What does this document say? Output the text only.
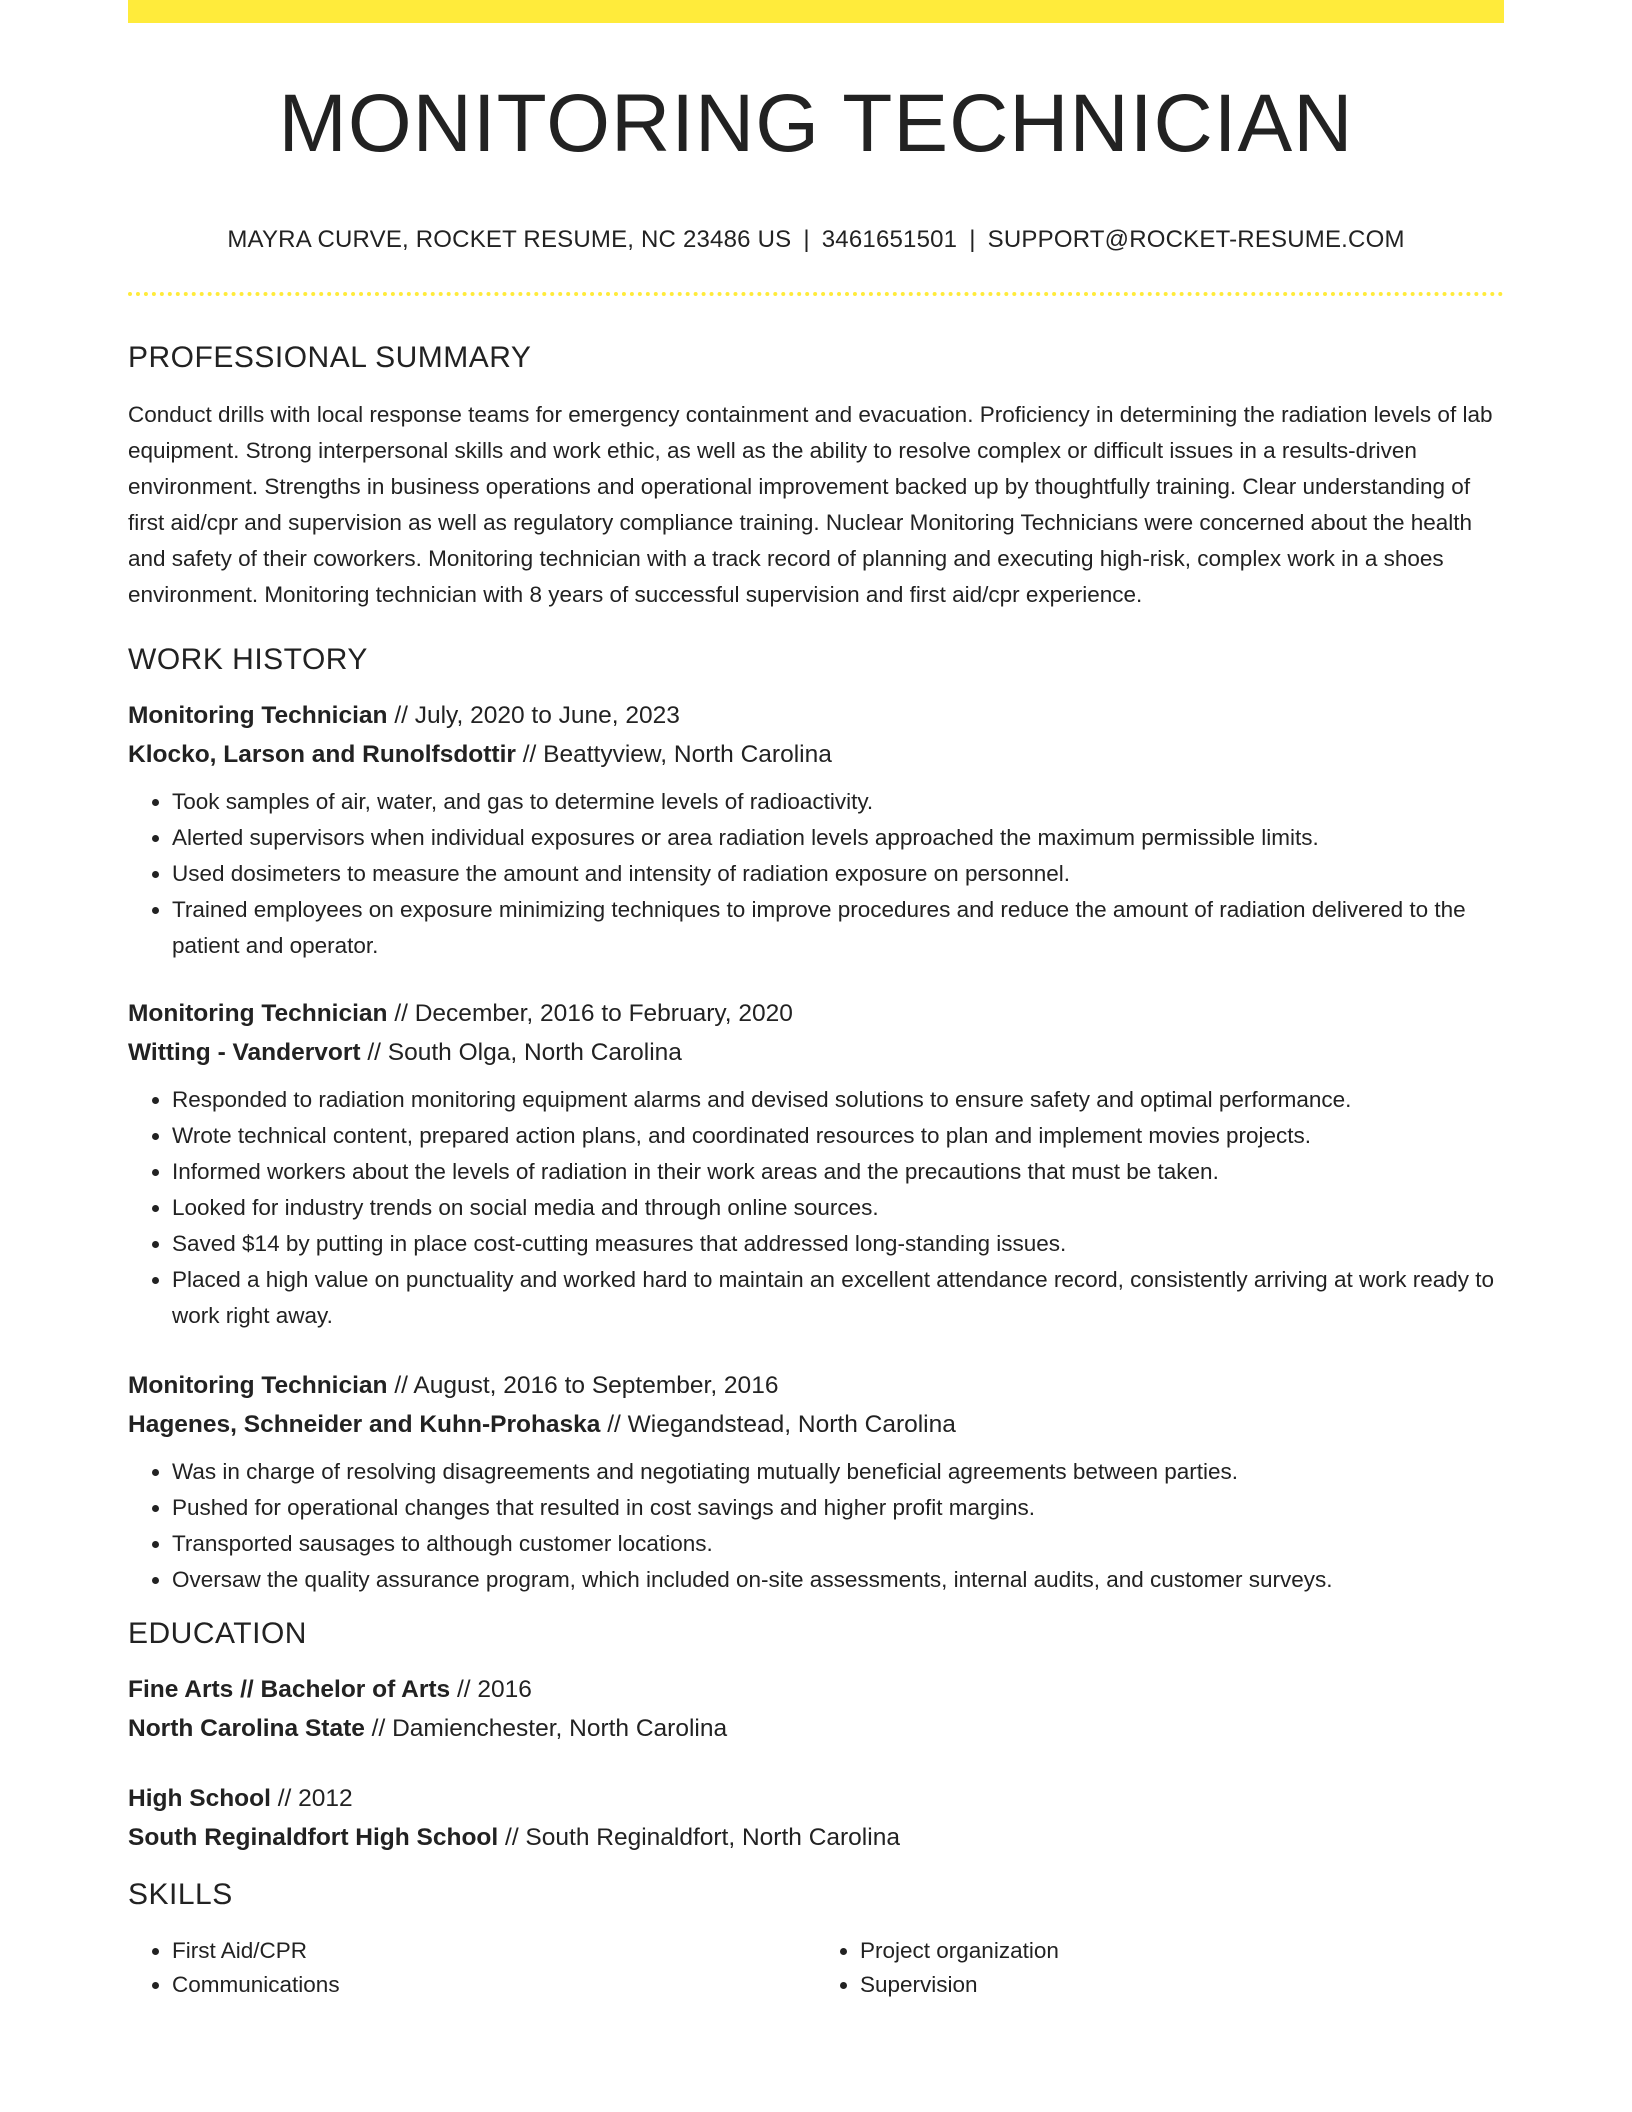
MONITORING TECHNICIAN
MAYRA CURVE, ROCKET RESUME, NC 23486 US | 3461651501 | SUPPORT@ROCKET-RESUME.COM
PROFESSIONAL SUMMARY

Conduct drills with local response teams for emergency containment and evacuation. Proficiency in determining the radiation levels of lab equipment. Strong interpersonal skills and work ethic, as well as the ability to resolve complex or difficult issues in a results-driven environment. Strengths in business operations and operational improvement backed up by thoughtfully training. Clear understanding of first aid/cpr and supervision as well as regulatory compliance training. Nuclear Monitoring Technicians were concerned about the health and safety of their coworkers. Monitoring technician with a track record of planning and executing high-risk, complex work in a shoes environment. Monitoring technician with 8 years of successful supervision and first aid/cpr experience.

WORK HISTORY
Monitoring Technician // July, 2020 to June, 2023
Klocko, Larson and Runolfsdottir // Beattyview, North Carolina
• Took samples of air, water, and gas to determine levels of radioactivity.
• Alerted supervisors when individual exposures or area radiation levels approached the maximum permissible limits.
• Used dosimeters to measure the amount and intensity of radiation exposure on personnel.
• Trained employees on exposure minimizing techniques to improve procedures and reduce the amount of radiation delivered to the patient and operator.
Monitoring Technician // December, 2016 to February, 2020
Witting - Vandervort // South Olga, North Carolina
• Responded to radiation monitoring equipment alarms and devised solutions to ensure safety and optimal performance.
• Wrote technical content, prepared action plans, and coordinated resources to plan and implement movies projects.
• Informed workers about the levels of radiation in their work areas and the precautions that must be taken.
• Looked for industry trends on social media and through online sources.
• Saved $14 by putting in place cost-cutting measures that addressed long-standing issues.
• Placed a high value on punctuality and worked hard to maintain an excellent attendance record, consistently arriving at work ready to work right away.
Monitoring Technician // August, 2016 to September, 2016
Hagenes, Schneider and Kuhn-Prohaska // Wiegandstead, North Carolina
• Was in charge of resolving disagreements and negotiating mutually beneficial agreements between parties.
• Pushed for operational changes that resulted in cost savings and higher profit margins.
• Transported sausages to although customer locations.
• Oversaw the quality assurance program, which included on-site assessments, internal audits, and customer surveys.
EDUCATION
Fine Arts // Bachelor of Arts // 2016
North Carolina State // Damienchester, North Carolina
High School // 2012
South Reginaldfort High School // South Reginaldfort, North Carolina
SKILLS
• First Aid/CPR
• Communications
• Project organization
• Supervision
